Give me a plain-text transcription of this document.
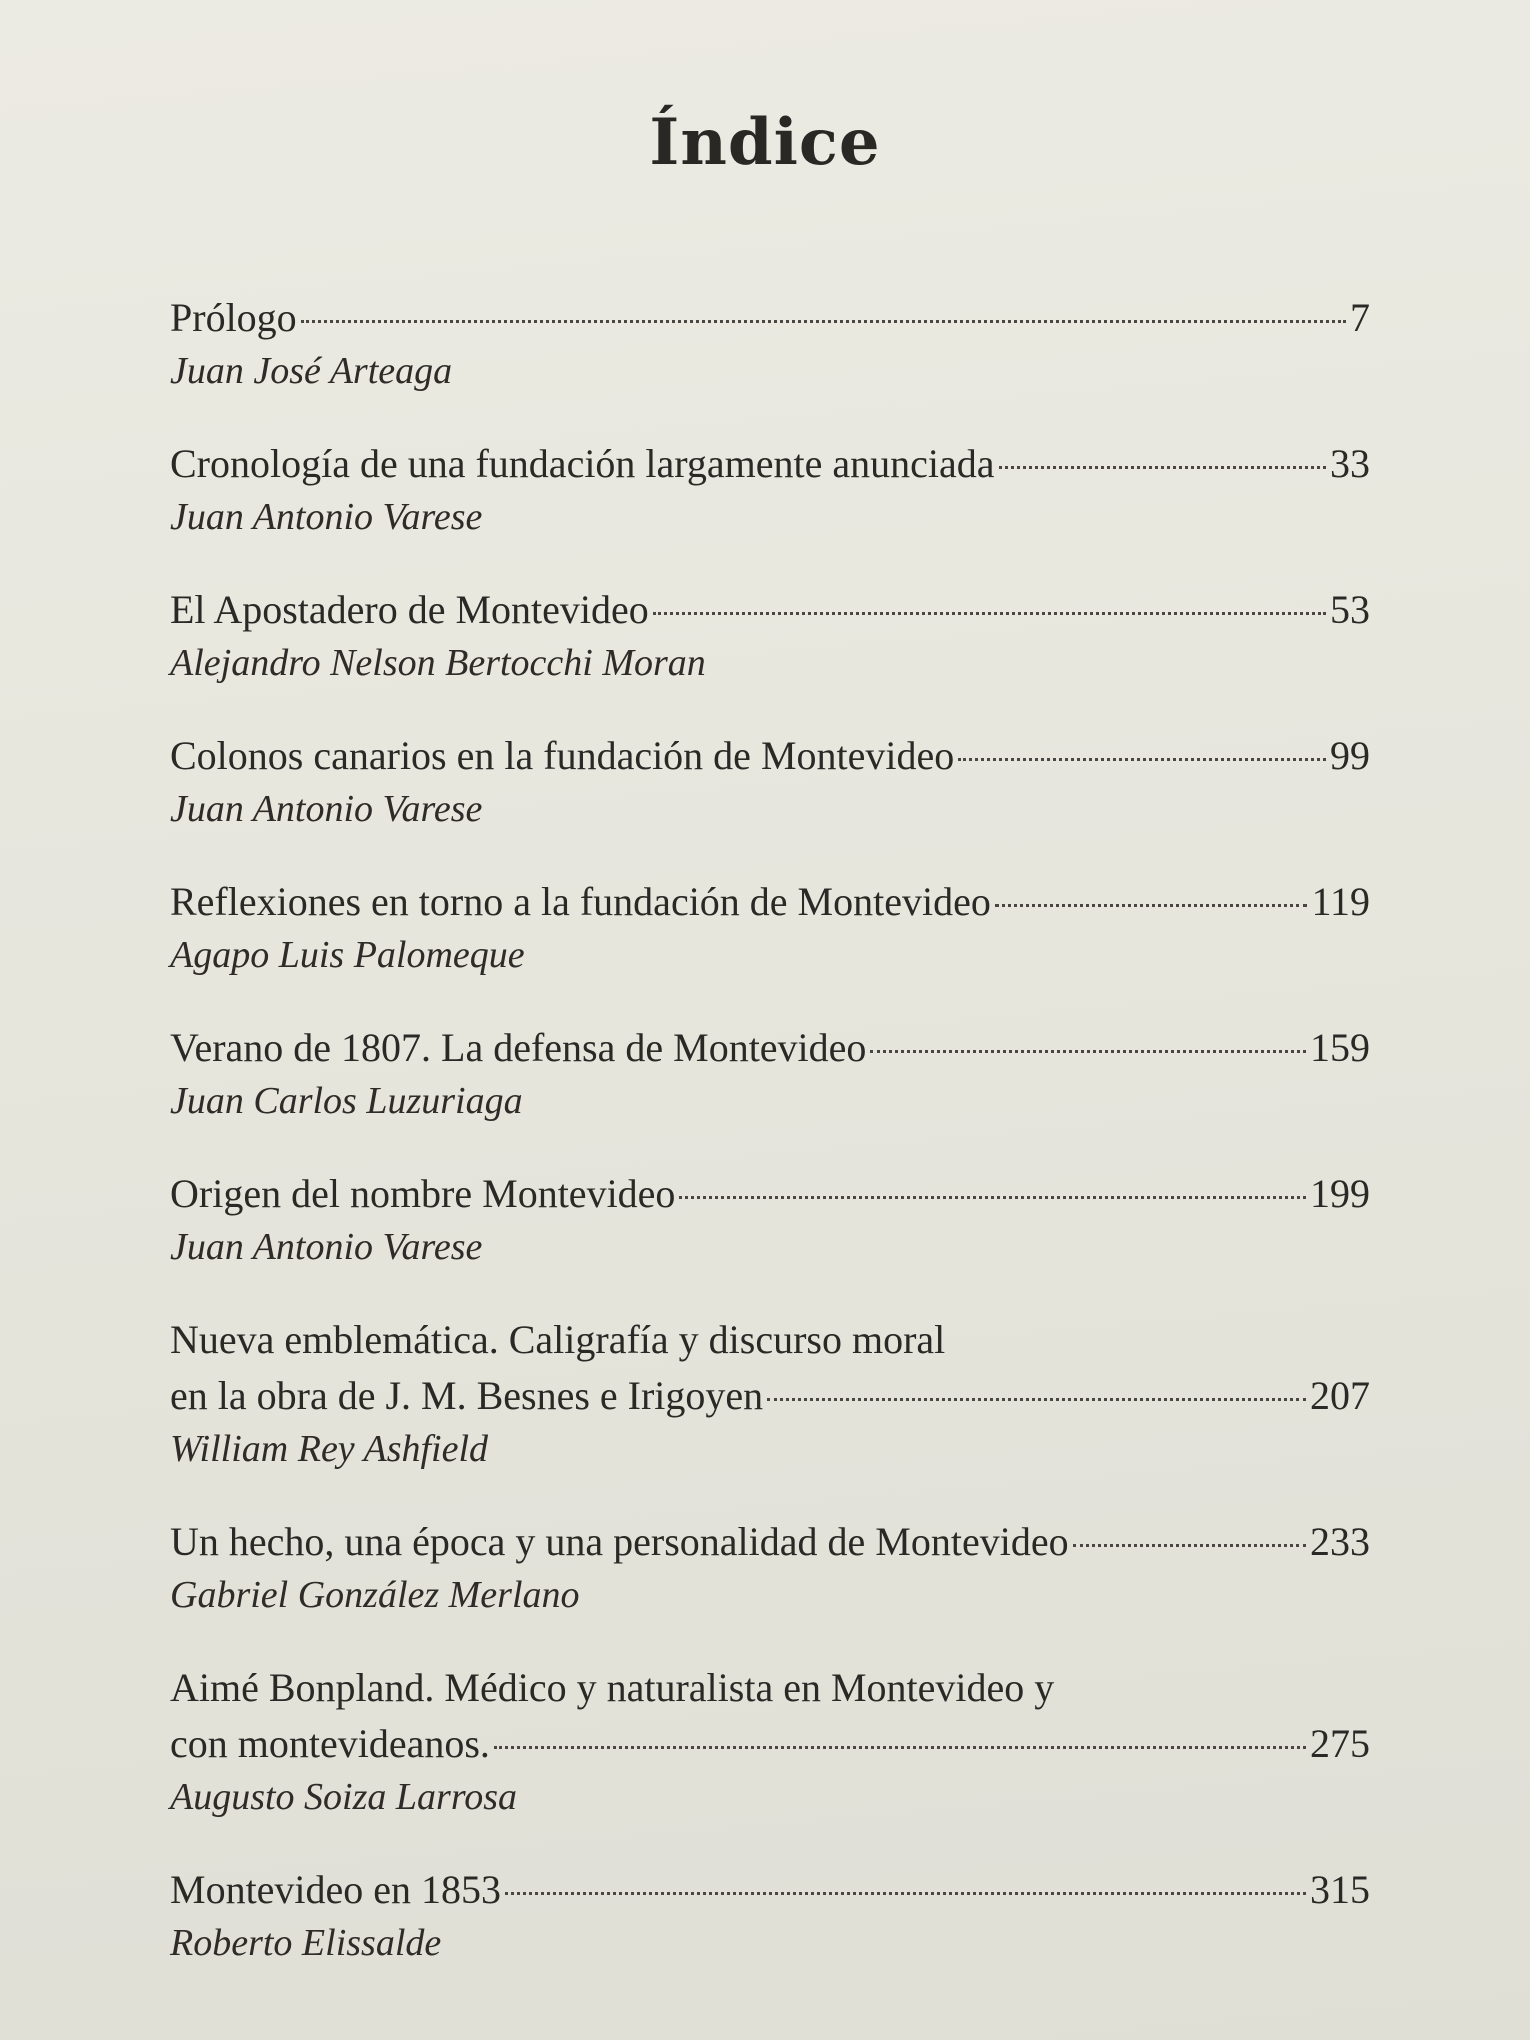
Índice
Prólogo	7
Juan José Arteaga
Cronología de una fundación largamente anunciada	33
Juan Antonio Varese
El Apostadero de Montevideo	53
Alejandro Nelson Bertocchi Moran
Colonos canarios en la fundación de Montevideo	99
Juan Antonio Varese
Reflexiones en torno a la fundación de Montevideo	119
Agapo Luis Palomeque
Verano de 1807. La defensa de Montevideo	159
Juan Carlos Luzuriaga
Origen del nombre Montevideo	199
Juan Antonio Varese
Nueva emblemática. Caligrafía y discurso moral
en la obra de J. M. Besnes e Irigoyen	207
William Rey Ashfield
Un hecho, una época y una personalidad de Montevideo	233
Gabriel González Merlano
Aimé Bonpland. Médico y naturalista en Montevideo y
con montevideanos.	275
Augusto Soiza Larrosa
Montevideo en 1853	315
Roberto Elissalde
